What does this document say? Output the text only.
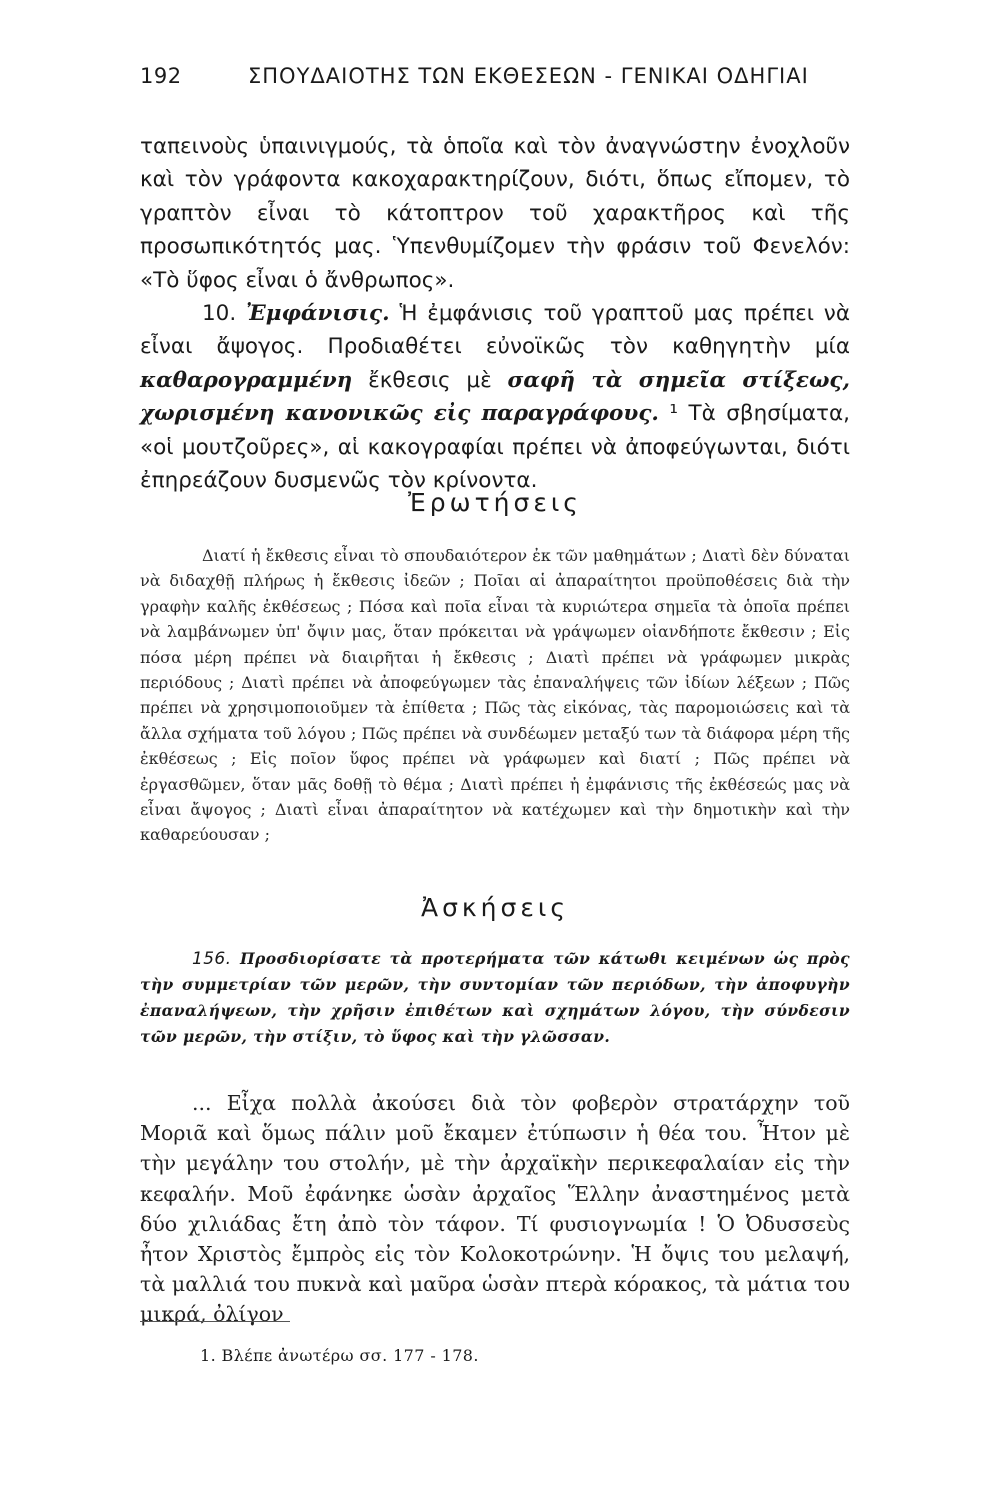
192	ΣΠΟΥΔΑΙΟΤΗΣ ΤΩΝ ΕΚΘΕΣΕΩΝ - ΓΕΝΙΚΑΙ ΟΔΗΓΙΑΙ

ταπεινοὺς ὑπαινιγμούς, τὰ ὁποῖα καὶ τὸν ἀναγνώστην ἐνοχλοῦν καὶ τὸν γράφοντα κακοχαρακτηρίζουν, διότι, ὅπως εἴπομεν, τὸ γραπτὸν εἶναι τὸ κάτοπτρον τοῦ χαρακτῆρος καὶ τῆς προσωπικότητός μας. Ὑπενθυμίζομεν τὴν φράσιν τοῦ Φενελόν: «Τὸ ὕφος εἶναι ὁ ἄνθρωπος».

10. Ἐμφάνισις. Ἡ ἐμφάνισις τοῦ γραπτοῦ μας πρέπει νὰ εἶναι ἄψογος. Προδιαθέτει εὐνοϊκῶς τὸν καθηγητὴν μία καθαρογραμμένη ἔκθεσις μὲ σαφῆ τὰ σημεῖα στίξεως, χωρισμένη κανονικῶς εἰς παραγράφους. ¹ Τὰ σβησίματα, «οἱ μουτζοῦρες», αἱ κακογραφίαι πρέπει νὰ ἀποφεύγωνται, διότι ἐπηρεάζουν δυσμενῶς τὸν κρίνοντα.

Ἐρωτήσεις
Διατί ἡ ἔκθεσις εἶναι τὸ σπουδαιότερον ἐκ τῶν μαθημάτων ; Διατὶ δὲν δύναται νὰ διδαχθῇ πλήρως ἡ ἔκθεσις ἰδεῶν ; Ποῖαι αἱ ἀπαραίτητοι προϋποθέσεις διὰ τὴν γραφὴν καλῆς ἐκθέσεως ; Πόσα καὶ ποῖα εἶναι τὰ κυριώτερα σημεῖα τὰ ὁποῖα πρέπει νὰ λαμβάνωμεν ὑπ' ὄψιν μας, ὅταν πρόκειται νὰ γράψωμεν οἱανδήποτε ἔκθεσιν ; Εἰς πόσα μέρη πρέπει νὰ διαιρῆται ἡ ἔκθεσις ; Διατὶ πρέπει νὰ γράφωμεν μικρὰς περιόδους ; Διατὶ πρέπει νὰ ἀποφεύγωμεν τὰς ἐπαναλήψεις τῶν ἰδίων λέξεων ; Πῶς πρέπει νὰ χρησιμοποιοῦμεν τὰ ἐπίθετα ; Πῶς τὰς εἰκόνας, τὰς παρομοιώσεις καὶ τὰ ἄλλα σχήματα τοῦ λόγου ; Πῶς πρέπει νὰ συνδέωμεν μεταξύ των τὰ διάφορα μέρη τῆς ἐκθέσεως ; Εἰς ποῖον ὕφος πρέπει νὰ γράφωμεν καὶ διατί ; Πῶς πρέπει νὰ ἐργασθῶμεν, ὅταν μᾶς δοθῇ τὸ θέμα ; Διατὶ πρέπει ἡ ἐμφάνισις τῆς ἐκθέσεώς μας νὰ εἶναι ἄψογος ; Διατὶ εἶναι ἀπαραίτητον νὰ κατέχωμεν καὶ τὴν δημοτικὴν καὶ τὴν καθαρεύουσαν ;
Ἀσκήσεις
156. Προσδιορίσατε τὰ προτερήματα τῶν κάτωθι κειμένων ὡς πρὸς τὴν συμμετρίαν τῶν μερῶν, τὴν συντομίαν τῶν περιόδων, τὴν ἀποφυγὴν ἐπαναλήψεων, τὴν χρῆσιν ἐπιθέτων καὶ σχημάτων λόγου, τὴν σύνδεσιν τῶν μερῶν, τὴν στίξιν, τὸ ὕφος καὶ τὴν γλῶσσαν.
... Εἶχα πολλὰ ἀκούσει διὰ τὸν φοβερὸν στρατάρχην τοῦ Μοριᾶ καὶ ὅμως πάλιν μοῦ ἔκαμεν ἐτύπωσιν ἡ θέα του. Ἦτον μὲ τὴν μεγάλην του στολήν, μὲ τὴν ἀρχαϊκὴν περικεφαλαίαν εἰς τὴν κεφαλήν. Μοῦ ἐφάνηκε ὡσὰν ἀρχαῖος Ἕλλην ἀναστημένος μετὰ δύο χιλιάδας ἔτη ἀπὸ τὸν τάφον. Τί φυσιογνωμία ! Ὁ Ὀδυσσεὺς ἦτον Χριστὸς ἔμπρὸς εἰς τὸν Κολοκοτρώνην. Ἡ ὄψις του μελαψή, τὰ μαλλιά του πυκνὰ καὶ μαῦρα ὡσὰν πτερὰ κόρακος, τὰ μάτια του μικρά, ὀλίγον
1. Βλέπε ἀνωτέρω σσ. 177 - 178.
